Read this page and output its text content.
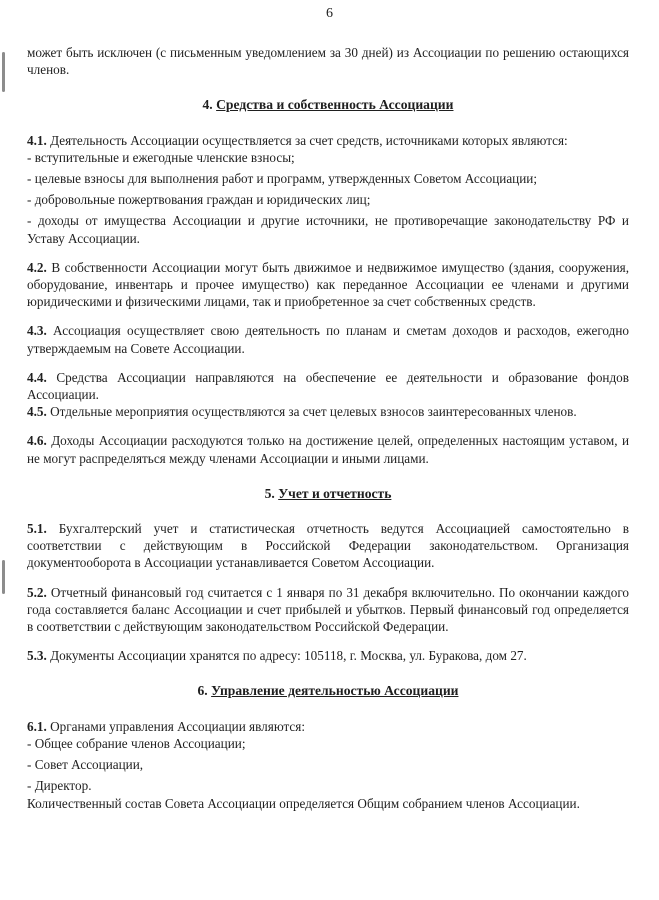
6

может быть исключен (с письменным уведомлением за 30 дней) из Ассоциации по решению остающихся членов.

4. Средства и собственность Ассоциации

4.1. Деятельность Ассоциации осуществляется за счет средств, источниками которых являются:

- вступительные и ежегодные членские взносы;

- целевые взносы для выполнения работ и программ, утвержденных Советом Ассоциации;

- добровольные пожертвования граждан и юридических лиц;

- доходы от имущества Ассоциации и другие источники, не противоречащие законодательству РФ и Уставу Ассоциации.

4.2. В собственности Ассоциации могут быть движимое и недвижимое имущество (здания, сооружения, оборудование, инвентарь и прочее имущество) как переданное Ассоциации ее членами и другими юридическими и физическими лицами, так и приобретенное за счет собственных средств.

4.3. Ассоциация осуществляет свою деятельность по планам и сметам доходов и расходов, ежегодно утверждаемым на Совете Ассоциации.

4.4. Средства Ассоциации направляются на обеспечение ее деятельности и образование фондов Ассоциации.

4.5. Отдельные мероприятия осуществляются за счет целевых взносов заинтересованных членов.

4.6. Доходы Ассоциации расходуются только на достижение целей, определенных настоящим уставом, и не могут распределяться между членами Ассоциации и иными лицами.

5. Учет и отчетность

5.1. Бухгалтерский учет и статистическая отчетность ведутся Ассоциацией самостоятельно в соответствии с действующим в Российской Федерации законодательством. Организация документооборота в Ассоциации устанавливается Советом Ассоциации.

5.2. Отчетный финансовый год считается с 1 января по 31 декабря включительно. По окончании каждого года составляется баланс Ассоциации и счет прибылей и убытков. Первый финансовый год определяется в соответствии с действующим законодательством Российской Федерации.

5.3. Документы Ассоциации хранятся по адресу: 105118, г. Москва, ул. Буракова, дом 27.

6. Управление деятельностью Ассоциации

6.1. Органами управления Ассоциации являются:

- Общее собрание членов Ассоциации;

- Совет Ассоциации,

- Директор.

Количественный состав Совета Ассоциации определяется Общим собранием членов Ассоциации.
